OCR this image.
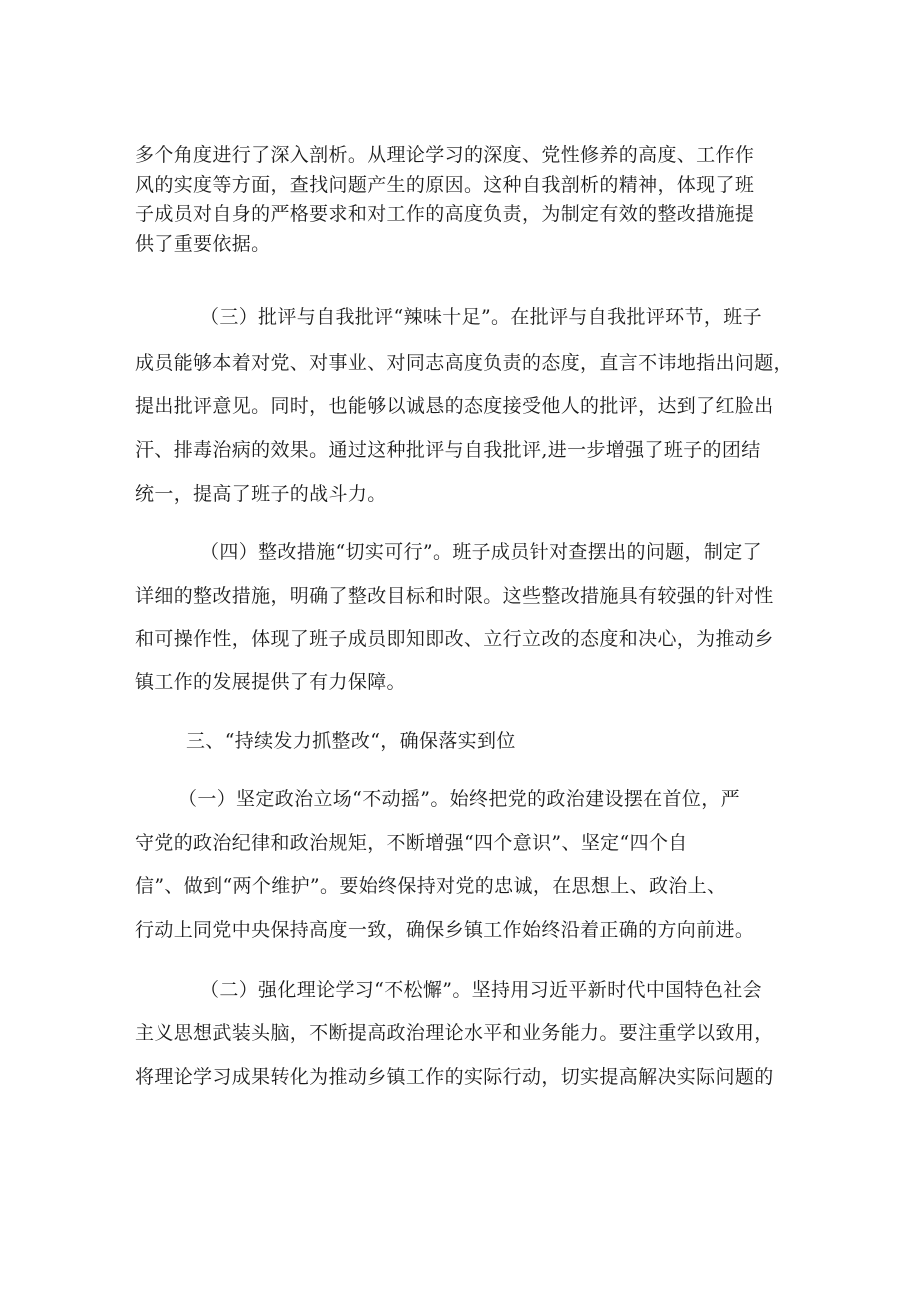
多个角度进行了深入剖析。从理论学习的深度、党性修养的高度、工作作
风的实度等方面，查找问题产生的原因。这种自我剖析的精神，体现了班
子成员对自身的严格要求和对工作的高度负责，为制定有效的整改措施提
供了重要依据。
（三）批评与自我批评“辣味十足”。在批评与自我批评环节，班子
成员能够本着对党、对事业、对同志高度负责的态度，直言不讳地指出问题，
提出批评意见。同时，也能够以诚恳的态度接受他人的批评，达到了红脸出
汗、排毒治病的效果。通过这种批评与自我批评,进一步增强了班子的团结
统一，提高了班子的战斗力。
（四）整改措施“切实可行”。班子成员针对查摆出的问题，制定了
详细的整改措施，明确了整改目标和时限。这些整改措施具有较强的针对性
和可操作性，体现了班子成员即知即改、立行立改的态度和决心，为推动乡
镇工作的发展提供了有力保障。
三、“持续发力抓整改“，确保落实到位
（一）坚定政治立场“不动摇”。始终把党的政治建设摆在首位，严
守党的政治纪律和政治规矩，不断增强“四个意识”、坚定“四个自
信”、做到“两个维护”。要始终保持对党的忠诚，在思想上、政治上、
行动上同党中央保持高度一致，确保乡镇工作始终沿着正确的方向前进。
（二）强化理论学习“不松懈”。坚持用习近平新时代中国特色社会
主义思想武装头脑，不断提高政治理论水平和业务能力。要注重学以致用，
将理论学习成果转化为推动乡镇工作的实际行动，切实提高解决实际问题的
